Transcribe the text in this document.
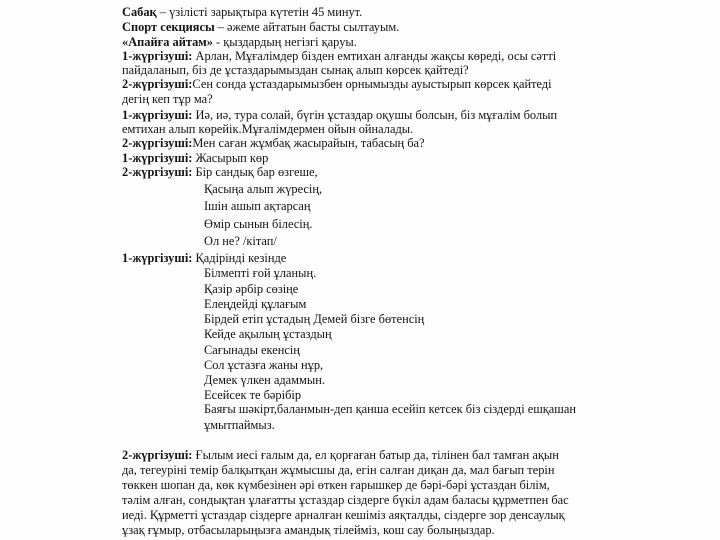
Сабақ – үзілісті зарықтыра күтетін 45 минут.
Спорт секциясы – әжеме айтатын басты сылтауым.
«Апайға айтам» - қыздардың негізгі қаруы.
1-жүргізуші: Арлан, Мұғалімдер бізден емтихан алғанды жақсы көреді, осы сәтті
пайдаланып, біз де ұстаздарымыздан сынақ алып көрсек қайтеді?
2-жүргізуші:Сен сонда ұстаздарымызбен орнымызды ауыстырып көрсек қайтеді
дегің кеп тұр ма?
1-жүргізуші: Иә, иә, тура солай, бүгін ұстаздар оқушы болсын, біз мұғалім болып
емтихан алып көрейік.Мұғалімдермен ойын ойналады.
2-жүргізуші:Мен саған жұмбақ жасырайын, табасың ба?
1-жүргізуші: Жасырып көр
2-жүргізуші: Бір сандық бар өзгеше,
Қасыңа алып жүресің,
Ішін ашып ақтарсаң
Өмір сынын білесің.
Ол не? /кітап/
1-жүргізуші: Қадірінді кезінде
Білмепті ғой ұланың.
Қазір әрбір сөзіңе
Елеңдейді құлағым
Бірдей етіп ұстадың Демей бізге бөтенсің
Кейде ақылың ұстаздың
Сағынады екенсің
Сол ұстазға жаны нұр,
Демек үлкен адаммын.
Есейсек те бәрібір
Баяғы шәкірт,баланмын-деп қанша есейіп кетсек біз сіздерді ешқашан
ұмытпаймыз.
2-жүргізуші: Ғылым иесі ғалым да, ел қорғаған батыр да, тілінен бал тамған ақын
да, тегеуріні темір балқытқан жұмысшы да, егін салған диқан да, мал бағып терін
төккен шопан да, көк күмбезінен әрі өткен ғарышкер де бәрі-бәрі ұстаздан білім,
тәлім алған, сондықтан ұлағатты ұстаздар сіздерге бүкіл адам баласы құрметпен бас
иеді. Құрметті ұстаздар сіздерге арналған кешіміз аяқталды, сіздерге зор денсаулық
ұзақ ғұмыр, отбасыларыңызға амандық тілейміз, кош сау болыңыздар.
